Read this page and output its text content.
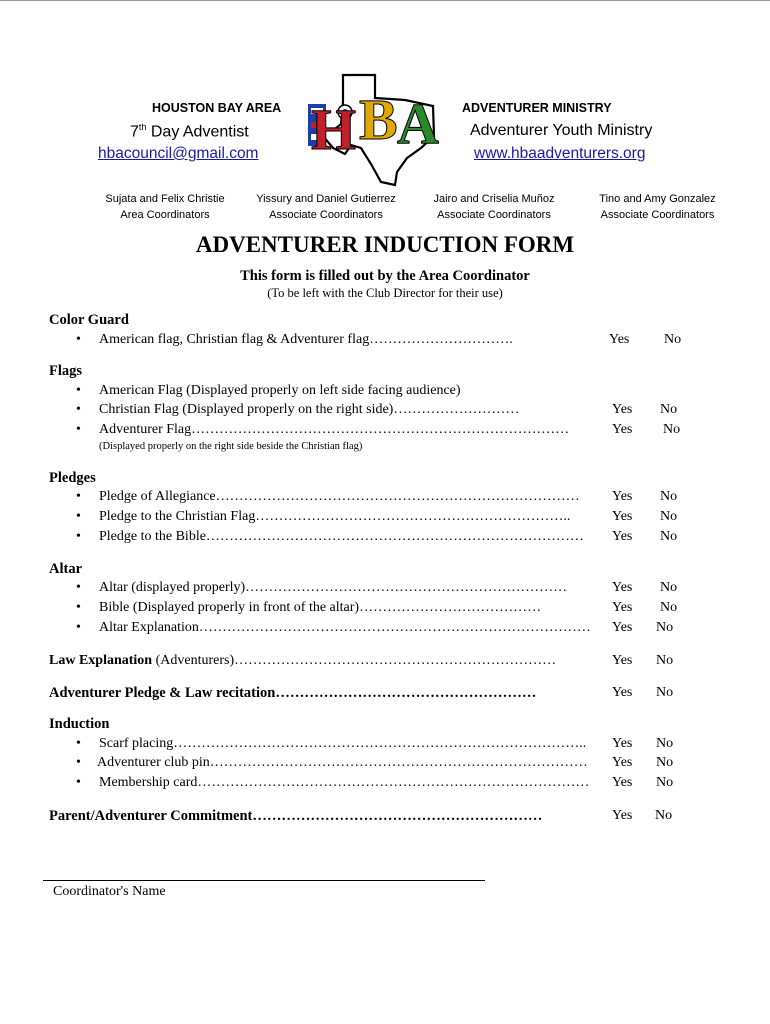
HOUSTON BAY AREA
7th Day Adventist
hbacouncil@gmail.com H B A ADVENTURER MINISTRY
Adventurer Youth Ministry
www.hbaadventurers.org
Sujata and Felix Christie
Area Coordinators
Yissury and Daniel Gutierrez
Associate Coordinators
Jairo and Criselia Muñoz
Associate Coordinators
Tino and Amy Gonzalez
Associate Coordinators
ADVENTURER INDUCTION FORM
This form is filled out by the Area Coordinator
(To be left with the Club Director for their use)
Color Guard
• American flag, Christian flag & Adventurer flag………………………….	Yes No
Flags
• American Flag (Displayed properly on left side facing audience)
• Christian Flag (Displayed properly on the right side)………………………	Yes No
• Adventurer Flag………………………………………………………………………	Yes No
(Displayed properly on the right side beside the Christian flag)
Pledges
• Pledge of Allegiance…………………………………………………………………… Yes No
• Pledge to the Christian Flag…………………………………………………………..	Yes No
• Pledge to the Bible……………………………………………………………………… Yes No
Altar
• Altar (displayed properly)……………………………………………………………	Yes No
• Bible (Displayed properly in front of the altar)…………………………………	Yes No
• Altar Explanation………………………………………………………………………… Yes No
Law Explanation (Adventurers)……………………………………………………………	Yes No
Adventurer Pledge & Law recitation………………………………………………	Yes No
Induction
• Scarf placing…………………………………………………………………………….. Yes No
• Adventurer club pin……………………………………………………………………… Yes No
• Membership card………………………………………………………………………… Yes No
Parent/Adventurer Commitment……………………………………………………	Yes No
Coordinator's Name
